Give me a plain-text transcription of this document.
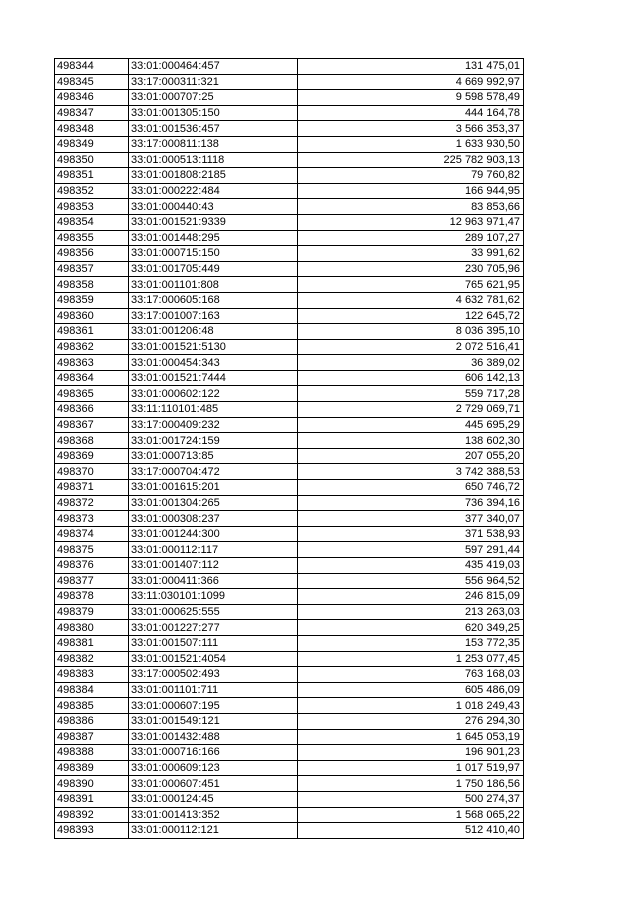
498344	33:01:000464:457	131 475,01
498345	33:17:000311:321	4 669 992,97
498346	33:01:000707:25	9 598 578,49
498347	33:01:001305:150	444 164,78
498348	33:01:001536:457	3 566 353,37
498349	33:17:000811:138	1 633 930,50
498350	33:01:000513:1118	225 782 903,13
498351	33:01:001808:2185	79 760,82
498352	33:01:000222:484	166 944,95
498353	33:01:000440:43	83 853,66
498354	33:01:001521:9339	12 963 971,47
498355	33:01:001448:295	289 107,27
498356	33:01:000715:150	33 991,62
498357	33:01:001705:449	230 705,96
498358	33:01:001101:808	765 621,95
498359	33:17:000605:168	4 632 781,62
498360	33:17:001007:163	122 645,72
498361	33:01:001206:48	8 036 395,10
498362	33:01:001521:5130	2 072 516,41
498363	33:01:000454:343	36 389,02
498364	33:01:001521:7444	606 142,13
498365	33:01:000602:122	559 717,28
498366	33:11:110101:485	2 729 069,71
498367	33:17:000409:232	445 695,29
498368	33:01:001724:159	138 602,30
498369	33:01:000713:85	207 055,20
498370	33:17:000704:472	3 742 388,53
498371	33:01:001615:201	650 746,72
498372	33:01:001304:265	736 394,16
498373	33:01:000308:237	377 340,07
498374	33:01:001244:300	371 538,93
498375	33:01:000112:117	597 291,44
498376	33:01:001407:112	435 419,03
498377	33:01:000411:366	556 964,52
498378	33:11:030101:1099	246 815,09
498379	33:01:000625:555	213 263,03
498380	33:01:001227:277	620 349,25
498381	33:01:001507:111	153 772,35
498382	33:01:001521:4054	1 253 077,45
498383	33:17:000502:493	763 168,03
498384	33:01:001101:711	605 486,09
498385	33:01:000607:195	1 018 249,43
498386	33:01:001549:121	276 294,30
498387	33:01:001432:488	1 645 053,19
498388	33:01:000716:166	196 901,23
498389	33:01:000609:123	1 017 519,97
498390	33:01:000607:451	1 750 186,56
498391	33:01:000124:45	500 274,37
498392	33:01:001413:352	1 568 065,22
498393	33:01:000112:121	512 410,40
